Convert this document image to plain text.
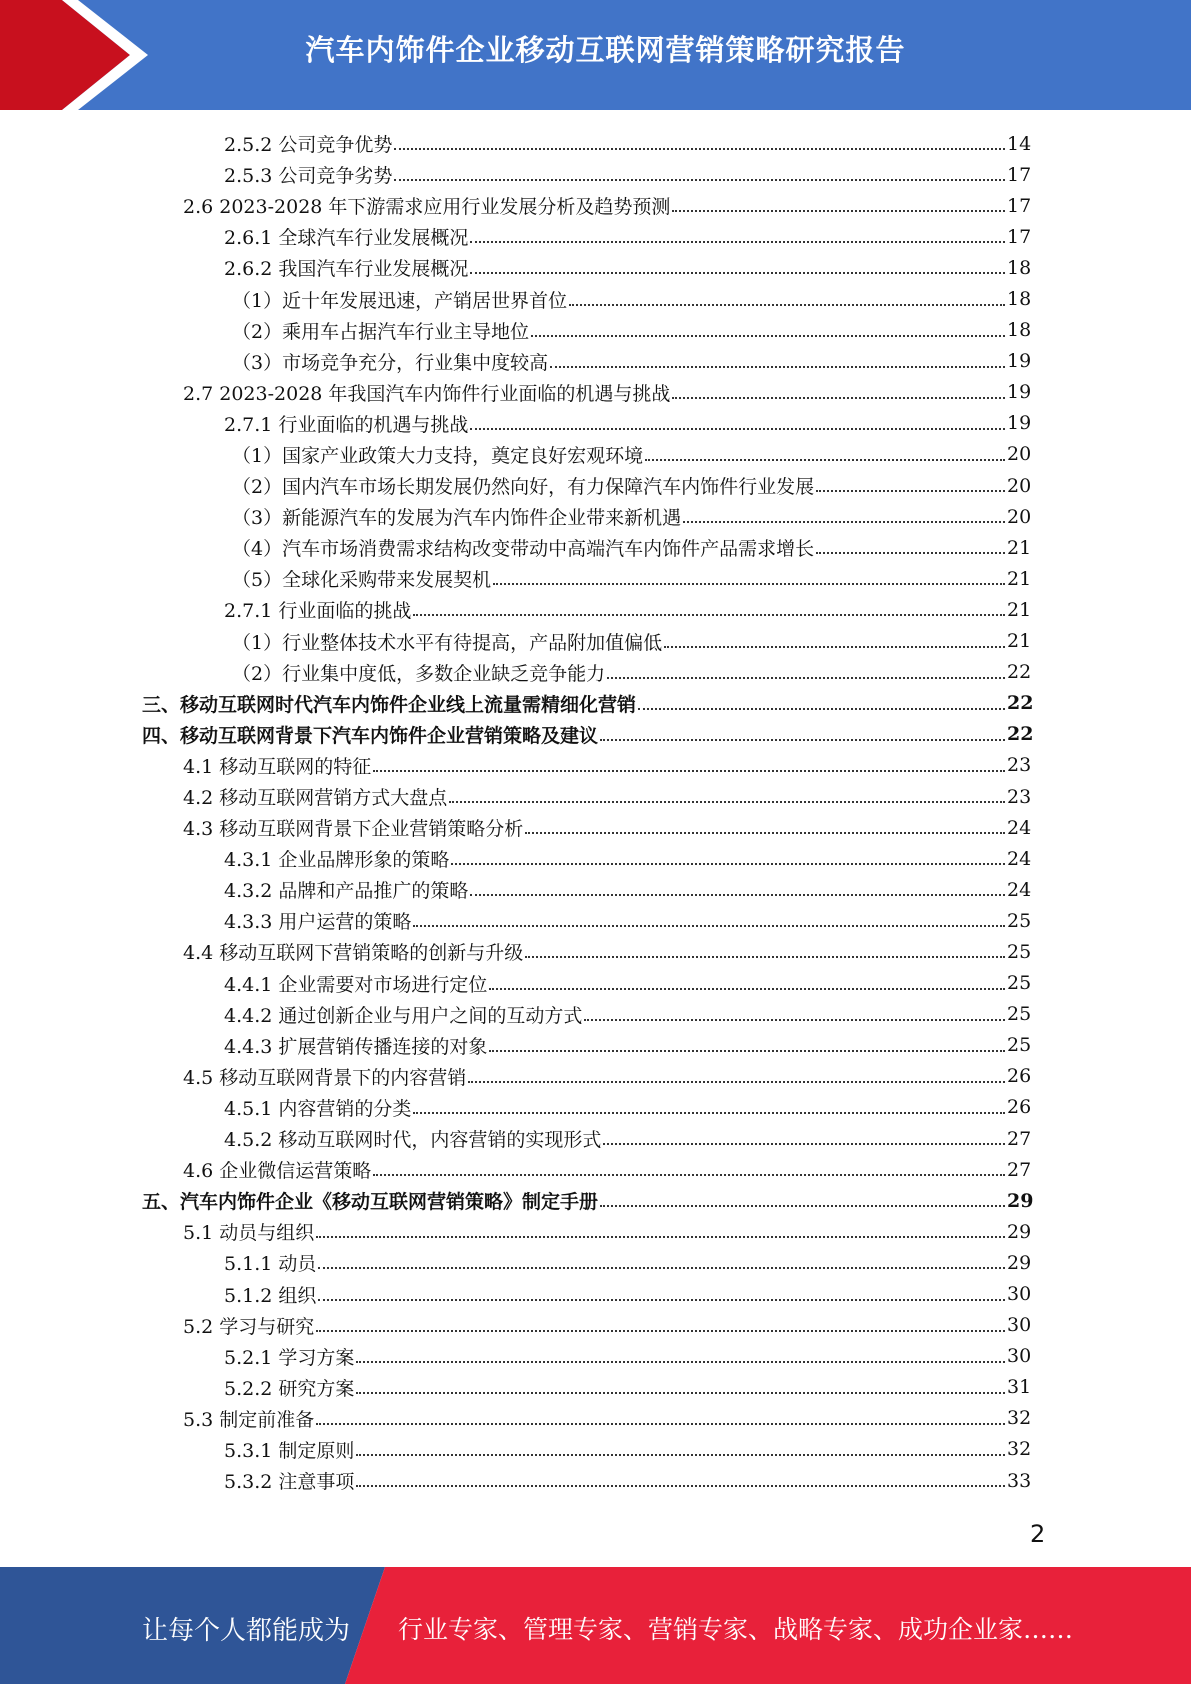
汽车内饰件企业移动互联网营销策略研究报告
2.5.2 公司竞争优势	14
2.5.3 公司竞争劣势	17
2.6 2023-2028 年下游需求应用行业发展分析及趋势预测	17
2.6.1 全球汽车行业发展概况	17
2.6.2 我国汽车行业发展概况	18
（1）近十年发展迅速，产销居世界首位	18
（2）乘用车占据汽车行业主导地位	18
（3）市场竞争充分，行业集中度较高	19
2.7 2023-2028 年我国汽车内饰件行业面临的机遇与挑战	19
2.7.1 行业面临的机遇与挑战	19
（1）国家产业政策大力支持，奠定良好宏观环境	20
（2）国内汽车市场长期发展仍然向好，有力保障汽车内饰件行业发展	20
（3）新能源汽车的发展为汽车内饰件企业带来新机遇	20
（4）汽车市场消费需求结构改变带动中高端汽车内饰件产品需求增长	21
（5）全球化采购带来发展契机	21
2.7.1 行业面临的挑战	21
（1）行业整体技术水平有待提高，产品附加值偏低	21
（2）行业集中度低，多数企业缺乏竞争能力	22
三、移动互联网时代汽车内饰件企业线上流量需精细化营销	22
四、移动互联网背景下汽车内饰件企业营销策略及建议	22
4.1 移动互联网的特征	23
4.2 移动互联网营销方式大盘点	23
4.3 移动互联网背景下企业营销策略分析	24
4.3.1 企业品牌形象的策略	24
4.3.2 品牌和产品推广的策略	24
4.3.3 用户运营的策略	25
4.4 移动互联网下营销策略的创新与升级	25
4.4.1 企业需要对市场进行定位	25
4.4.2 通过创新企业与用户之间的互动方式	25
4.4.3 扩展营销传播连接的对象	25
4.5 移动互联网背景下的内容营销	26
4.5.1 内容营销的分类	26
4.5.2 移动互联网时代，内容营销的实现形式	27
4.6 企业微信运营策略	27
五、汽车内饰件企业《移动互联网营销策略》制定手册	29
5.1 动员与组织	29
5.1.1 动员	29
5.1.2 组织	30
5.2 学习与研究	30
5.2.1 学习方案	30
5.2.2 研究方案	31
5.3 制定前准备	32
5.3.1 制定原则	32
5.3.2 注意事项	33
2
让每个人都能成为 行业专家、管理专家、营销专家、战略专家、成功企业家……
